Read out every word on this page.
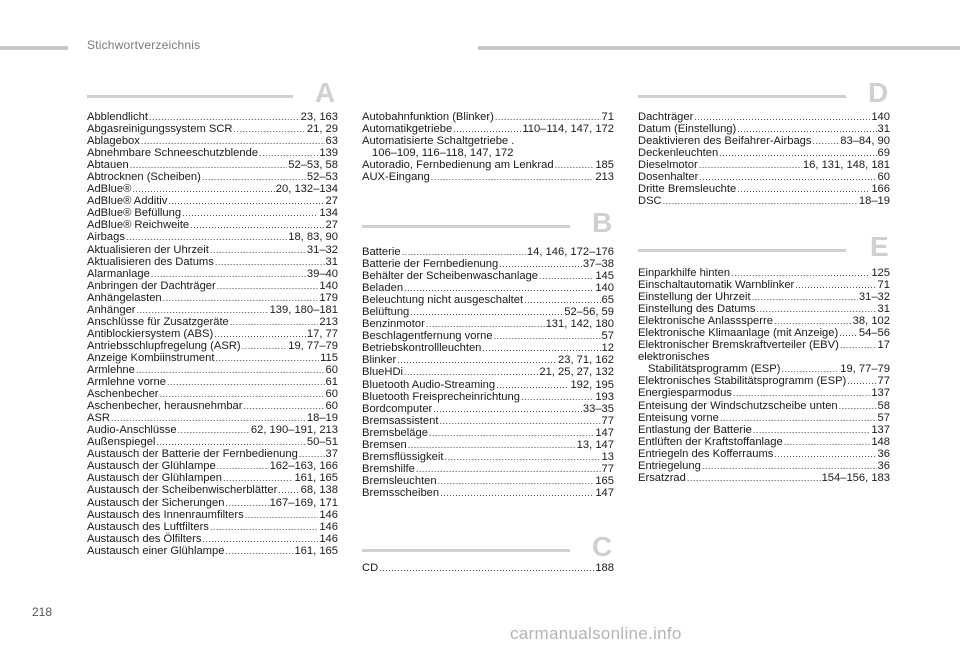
Stichwortverzeichnis
A
Abblendlicht .....	23, 163
Abgasreinigungssystem SCR .....	21, 29
Ablagebox .....	63
Abnehmbare Schneeschutzblende .....	139
Abtauen .....	52–53, 58
Abtrocknen (Scheiben) .....	52–53
AdBlue® .....	20, 132–134
AdBlue® Additiv .....	27
AdBlue® Befüllung .....	134
AdBlue® Reichweite .....	27
Airbags .....	18, 83, 90
Aktualisieren der Uhrzeit .....	31–32
Aktualisieren des Datums .....	31
Alarmanlage .....	39–40
Anbringen der Dachträger .....	140
Anhängelasten .....	179
Anhänger .....	139, 180–181
Anschlüsse für Zusatzgeräte .....	213
Antiblockiersystem (ABS) .....	17, 77
Antriebsschlupfregelung (ASR) .....	19, 77–79
Anzeige Kombiinstrument .....	115
Armlehne .....	60
Armlehne vorne .....	61
Aschenbecher .....	60
Aschenbecher, herausnehmbar .....	60
ASR .....	18–19
Audio-Anschlüsse .....	62, 190–191, 213
Außenspiegel .....	50–51
Austausch der Batterie der Fernbedienung ..... 37
Austausch der Glühlampe .....	162–163, 166
Austausch der Glühlampen .....	161, 165
Austausch der Scheibenwischerblätter ..... 68, 138
Austausch der Sicherungen .....	167–169, 171
Austausch des Innenraumfilters .....	146
Austausch des Luftfilters .....	146
Austausch des Ölfilters .....	146
Austausch einer Glühlampe .....	161, 165
Autobahnfunktion (Blinker) .....	71
Automatikgetriebe .....	110–114, 147, 172
Automatisierte Schaltgetriebe .
106–109, 116–118, 147, 172
Autoradio, Fernbedienung am Lenkrad .....	185
AUX-Eingang .....	213
B
Batterie .....	14, 146, 172–176
Batterie der Fernbedienung .....	37–38
Behälter der Scheibenwaschanlage .....	145
Beladen .....	140
Beleuchtung nicht ausgeschaltet .....	65
Belüftung .....	52–56, 59
Benzinmotor .....	131, 142, 180
Beschlagentfernung vorne .....	57
Betriebskontrollleuchten .....	12
Blinker .....	23, 71, 162
BlueHDi .....	21, 25, 27, 132
Bluetooth Audio-Streaming .....	192, 195
Bluetooth Freisprecheinrichtung .....	193
Bordcomputer .....	33–35
Bremsassistent .....	77
Bremsbeläge .....	147
Bremsen .....	13, 147
Bremsflüssigkeit .....	13
Bremshilfe .....	77
Bremsleuchten .....	165
Bremsscheiben .....	147
C
CD .....	188
D
Dachträger .....	140
Datum (Einstellung) .....	31
Deaktivieren des Beifahrer-Airbags .....	83–84, 90
Deckenleuchten .....	69
Dieselmotor .....	16, 131, 148, 181
Dosenhalter .....	60
Dritte Bremsleuchte .....	166
DSC .....	18–19
E
Einparkhilfe hinten .....	125
Einschaltautomatik Warnblinker .....	71
Einstellung der Uhrzeit .....	31–32
Einstellung des Datums .....	31
Elektronische Anlasssperre .....	38, 102
Elektronische Klimaanlage (mit Anzeige) ..... 54–56
Elektronischer Bremskraftverteiler (EBV) .....	17
elektronisches
Stabilitätsprogramm (ESP) .....	19, 77–79
Elektronisches Stabilitätsprogramm (ESP) .....	77
Energiesparmodus .....	137
Enteisung der Windschutzscheibe unten .....	58
Enteisung vorne .....	57
Entlastung der Batterie .....	137
Entlüften der Kraftstoffanlage .....	148
Entriegeln des Kofferraums .....	36
Entriegelung .....	36
Ersatzrad .....	154–156, 183
218
carmanualsonline.info
